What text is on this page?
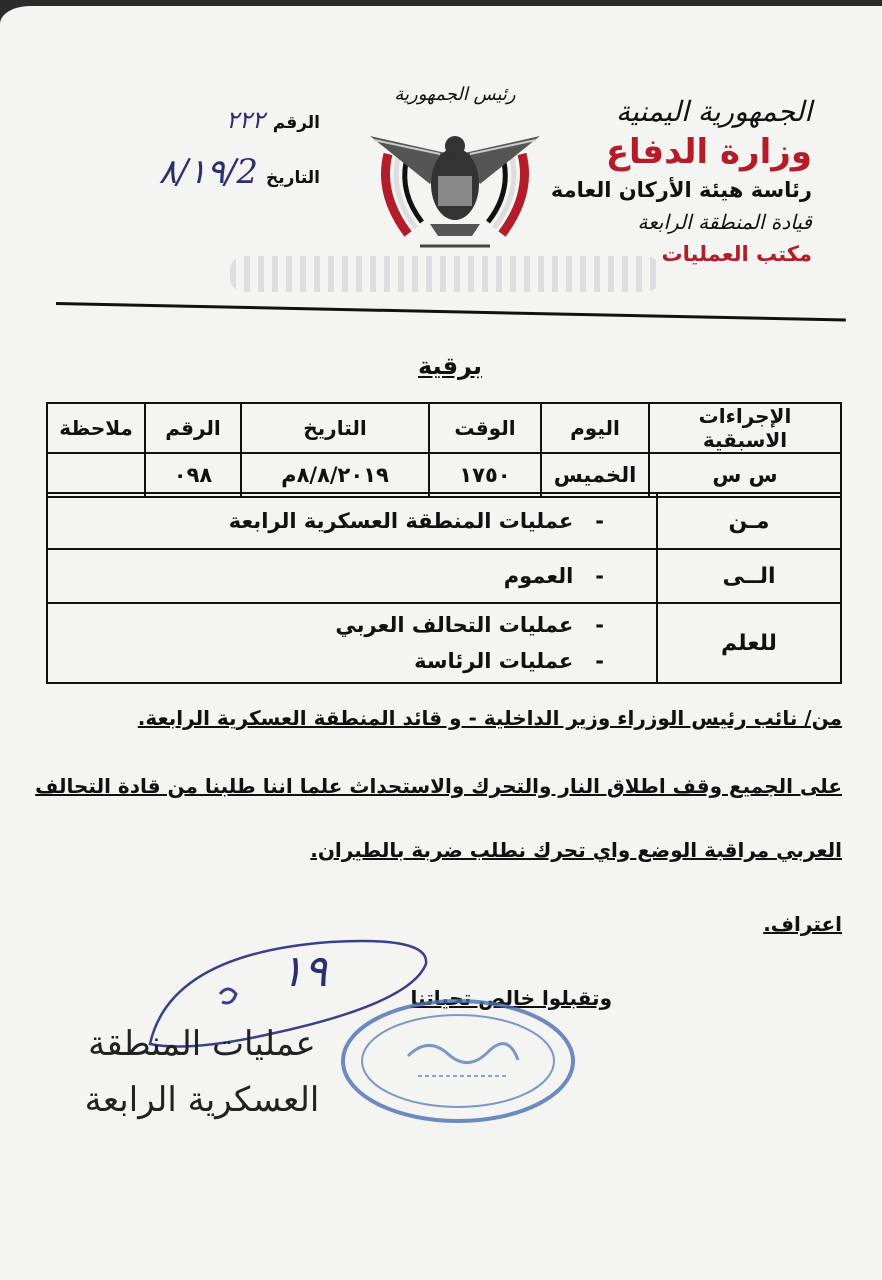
الجمهورية اليمنية
وزارة الدفاع
رئاسة هيئة الأركان العامة
قيادة المنطقة الرابعة
مكتب العمليات
رئيس الجمهورية
الرقم
٢٢٢
التاريخ
2/٨/١٩
برقية
الإجراءات الاسبقية	اليوم	الوقت	التاريخ	الرقم	ملاحظة
س س	الخميس	١٧٥٠	٨/٨/٢٠١٩م	٠٩٨	
مـن	-عمليات المنطقة العسكرية الرابعة

الــى	-العموم

للعلم	-عمليات التحالف العربي
-عمليات الرئاسة
من/ نائب رئيس الوزراء وزير الداخلية - و قائد المنطقة العسكرية الرابعة.
على الجميع وقف اطلاق النار والتحرك والاستحداث علما اننا طلبنا من قادة التحالف
العربي مراقبة الوضع واي تحرك نطلب ضربة بالطيران.
اعتراف.
وتقبلوا خالص تحياتنا
١٩
عمليات المنطقة
العسكرية الرابعة
